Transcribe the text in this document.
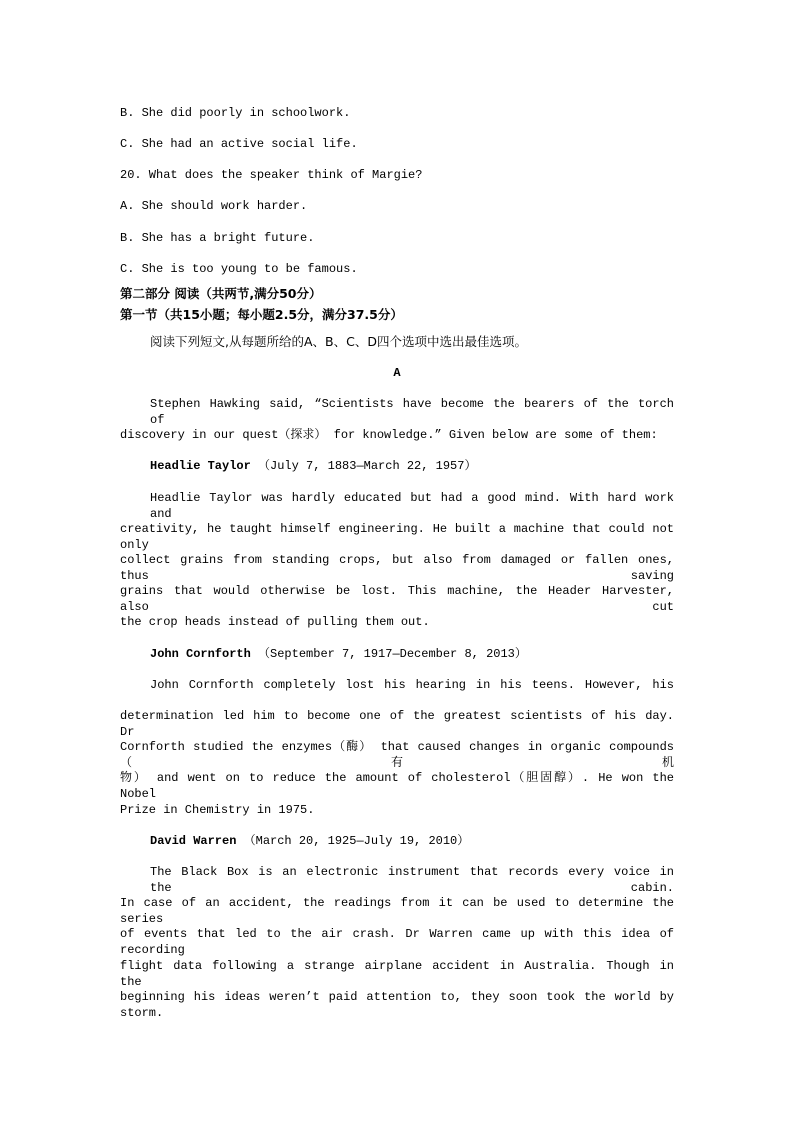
B. She did poorly in schoolwork.
C. She had an active social life.
20. What does the speaker think of Margie?
A. She should work harder.
B. She has a bright future.
C. She is too young to be famous.
第二部分 阅读（共两节,满分50分）
第一节（共15小题；每小题2.5分，满分37.5分）
阅读下列短文,从每题所给的A、B、C、D四个选项中选出最佳选项。
A
Stephen Hawking said, “Scientists have become the bearers of the torch of
discovery in our quest（探求） for knowledge.” Given below are some of them:
Headlie Taylor （July 7, 1883—March 22, 1957）
Headlie Taylor was hardly educated but had a good mind. With hard work and
creativity, he taught himself engineering. He built a machine that could not only
collect grains from standing crops, but also from damaged or fallen ones, thus saving
grains that would otherwise be lost. This machine, the Header Harvester, also cut
the crop heads instead of pulling them out.
John Cornforth （September 7, 1917—December 8, 2013）
John Cornforth completely lost his hearing in his teens. However, his
determination led him to become one of the greatest scientists of his day. Dr
Cornforth studied the enzymes（酶） that caused changes in organic compounds（有机
物） and went on to reduce the amount of cholesterol（胆固醇）. He won the Nobel
Prize in Chemistry in 1975.
David Warren （March 20, 1925—July 19, 2010）
The Black Box is an electronic instrument that records every voice in the cabin.
In case of an accident, the readings from it can be used to determine the series
of events that led to the air crash. Dr Warren came up with this idea of recording
flight data following a strange airplane accident in Australia. Though in the
beginning his ideas weren’t paid attention to, they soon took the world by storm.
